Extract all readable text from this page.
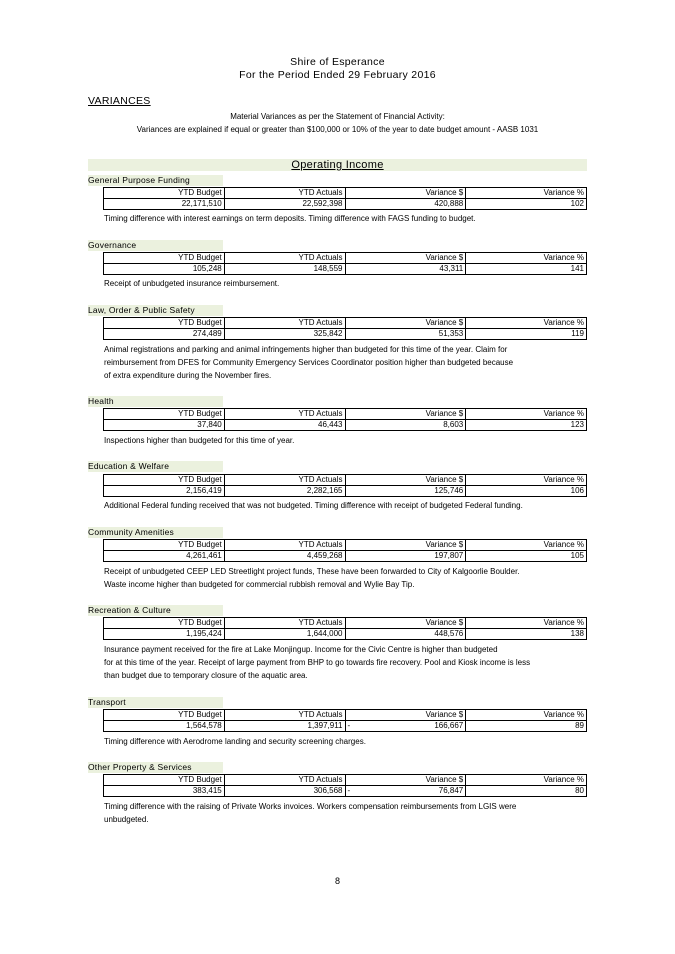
Shire of Esperance
For the Period Ended 29 February 2016
VARIANCES
Material Variances as per the Statement of Financial Activity:
Variances are explained if equal or greater than $100,000 or 10% of the year to date budget amount - AASB 1031
Operating Income
General Purpose Funding
YTD Budget	YTD Actuals	Variance $	Variance %
22,171,510	22,592,398	420,888	102
Timing difference with interest earnings on term deposits. Timing difference with FAGS funding to budget.
Governance
YTD Budget	YTD Actuals	Variance $	Variance %
105,248	148,559	43,311	141
Receipt of unbudgeted insurance reimbursement.
Law, Order & Public Safety
YTD Budget	YTD Actuals	Variance $	Variance %
274,489	325,842	51,353	119
Animal registrations and parking and animal infringements higher than budgeted for this time of the year. Claim for
reimbursement from DFES for Community Emergency Services Coordinator position higher than budgeted because
of extra expenditure during the November fires.
Health
YTD Budget	YTD Actuals	Variance $	Variance %
37,840	46,443	8,603	123
Inspections higher than budgeted for this time of year.
Education & Welfare
YTD Budget	YTD Actuals	Variance $	Variance %
2,156,419	2,282,165	125,746	106
Additional Federal funding received that was not budgeted. Timing difference with receipt of budgeted Federal funding.
Community Amenities
YTD Budget	YTD Actuals	Variance $	Variance %
4,261,461	4,459,268	197,807	105
Receipt of unbudgeted CEEP LED Streetlight project funds, These have been forwarded to City of Kalgoorlie Boulder.
Waste income higher than budgeted for commercial rubbish removal and Wylie Bay Tip.
Recreation & Culture
YTD Budget	YTD Actuals	Variance $	Variance %
1,195,424	1,644,000	448,576	138
Insurance payment received for the fire at Lake Monjingup. Income for the Civic Centre is higher than budgeted
for at this time of the year. Receipt of large payment from BHP to go towards fire recovery. Pool and Kiosk income is less
than budget due to temporary closure of the aquatic area.
Transport
YTD Budget	YTD Actuals	Variance $	Variance %
1,564,578	1,397,911	- 166,667	89
Timing difference with Aerodrome landing and security screening charges.
Other Property & Services
YTD Budget	YTD Actuals	Variance $	Variance %
383,415	306,568	- 76,847	80
Timing difference with the raising of Private Works invoices. Workers compensation reimbursements from LGIS were
unbudgeted.
8
